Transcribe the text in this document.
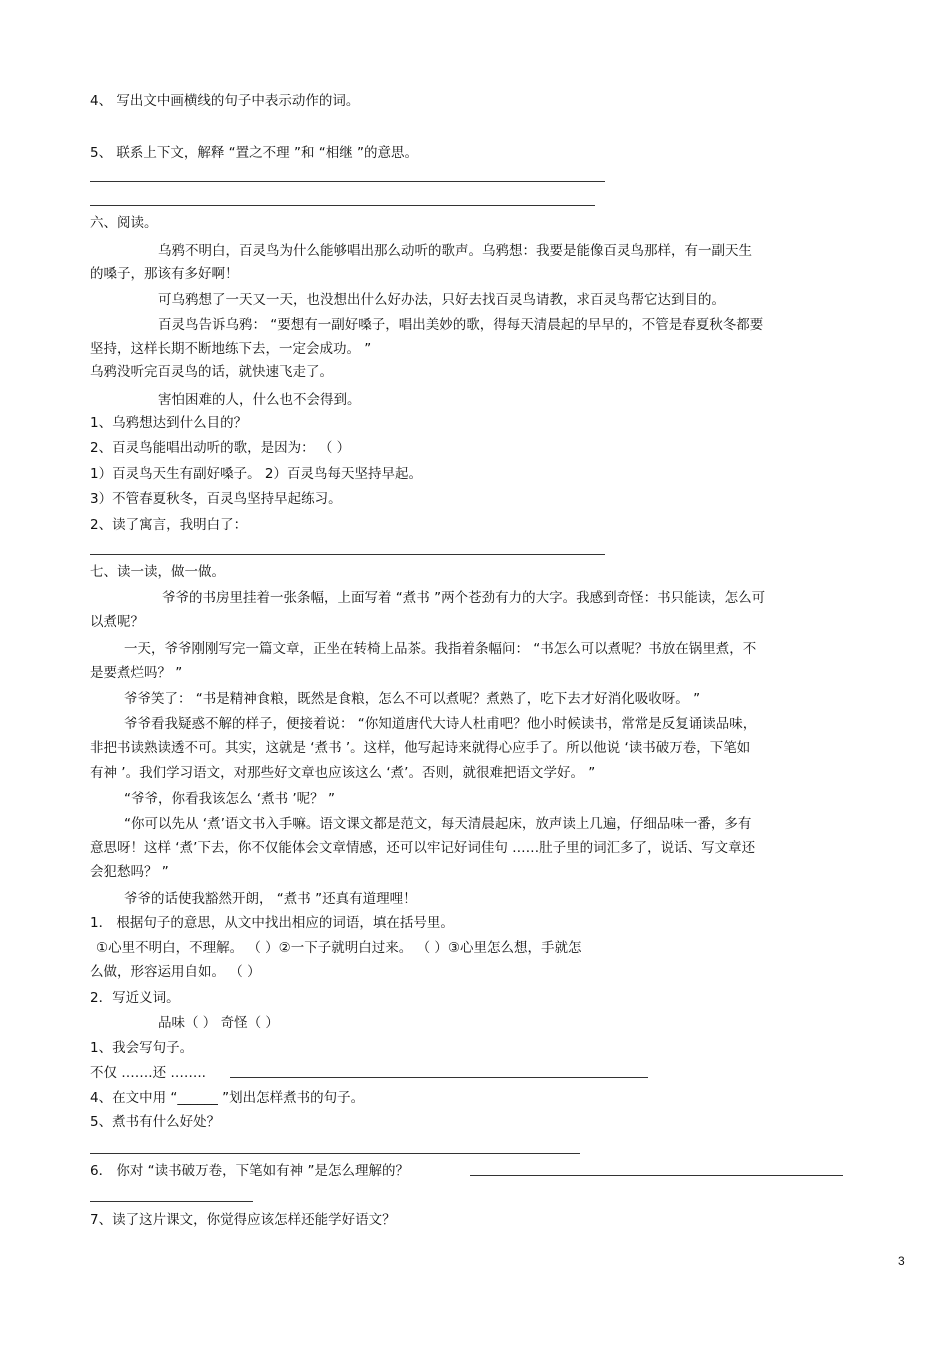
4、 写出文中画横线的句子中表示动作的词。
5、 联系上下文，解释 “置之不理 ”和 “相继 ”的意思。
六、阅读。
乌鸦不明白，百灵鸟为什么能够唱出那么动听的歌声。乌鸦想：我要是能像百灵鸟那样，有一副天生
的嗓子，那该有多好啊！
可乌鸦想了一天又一天，也没想出什么好办法，只好去找百灵鸟请教，求百灵鸟帮它达到目的。
百灵鸟告诉乌鸦： “要想有一副好嗓子，唱出美妙的歌，得每天清晨起的早早的，不管是春夏秋冬都要
坚持，这样长期不断地练下去，一定会成功。 ”
乌鸦没听完百灵鸟的话，就快速飞走了。
害怕困难的人，什么也不会得到。
1、乌鸦想达到什么目的？
2、百灵鸟能唱出动听的歌，是因为： （ ）
1）百灵鸟天生有副好嗓子。 2）百灵鸟每天坚持早起。
3）不管春夏秋冬，百灵鸟坚持早起练习。
2、读了寓言，我明白了：
七、读一读，做一做。
爷爷的书房里挂着一张条幅，上面写着 “煮书 ”两个苍劲有力的大字。我感到奇怪：书只能读，怎么可
以煮呢？
一天，爷爷刚刚写完一篇文章，正坐在转椅上品茶。我指着条幅问： “书怎么可以煮呢？书放在锅里煮，不
是要煮烂吗？ ”
爷爷笑了： “书是精神食粮，既然是食粮，怎么不可以煮呢？煮熟了，吃下去才好消化吸收呀。 ”
爷爷看我疑惑不解的样子，便接着说： “你知道唐代大诗人杜甫吧？他小时候读书，常常是反复诵读品味，
非把书读熟读透不可。其实，这就是 ‘煮书 ’。这样，他写起诗来就得心应手了。所以他说 ‘读书破万卷，下笔如
有神 ’。我们学习语文，对那些好文章也应该这么 ‘煮’。否则，就很难把语文学好。 ”
“爷爷，你看我该怎么 ‘煮书 ’呢？ ”
“你可以先从 ‘煮’语文书入手嘛。语文课文都是范文，每天清晨起床，放声读上几遍，仔细品味一番，多有
意思呀！这样 ‘煮’下去，你不仅能体会文章情感，还可以牢记好词佳句 ……肚子里的词汇多了，说话、写文章还
会犯愁吗？ ”
爷爷的话使我豁然开朗， “煮书 ”还真有道理哩！
1． 根据句子的意思，从文中找出相应的词语，填在括号里。
①心里不明白，不理解。 （ ）②一下子就明白过来。 （ ）③心里怎么想，手就怎
么做，形容运用自如。 （ ）
2．写近义词。
品味（ ） 奇怪（ ）
1、我会写句子。
不仅 …….还 ……..
4、在文中用 “______ ”划出怎样煮书的句子。
5、煮书有什么好处？
6． 你对 “读书破万卷，下笔如有神 ”是怎么理解的？
7、读了这片课文，你觉得应该怎样还能学好语文？
3
